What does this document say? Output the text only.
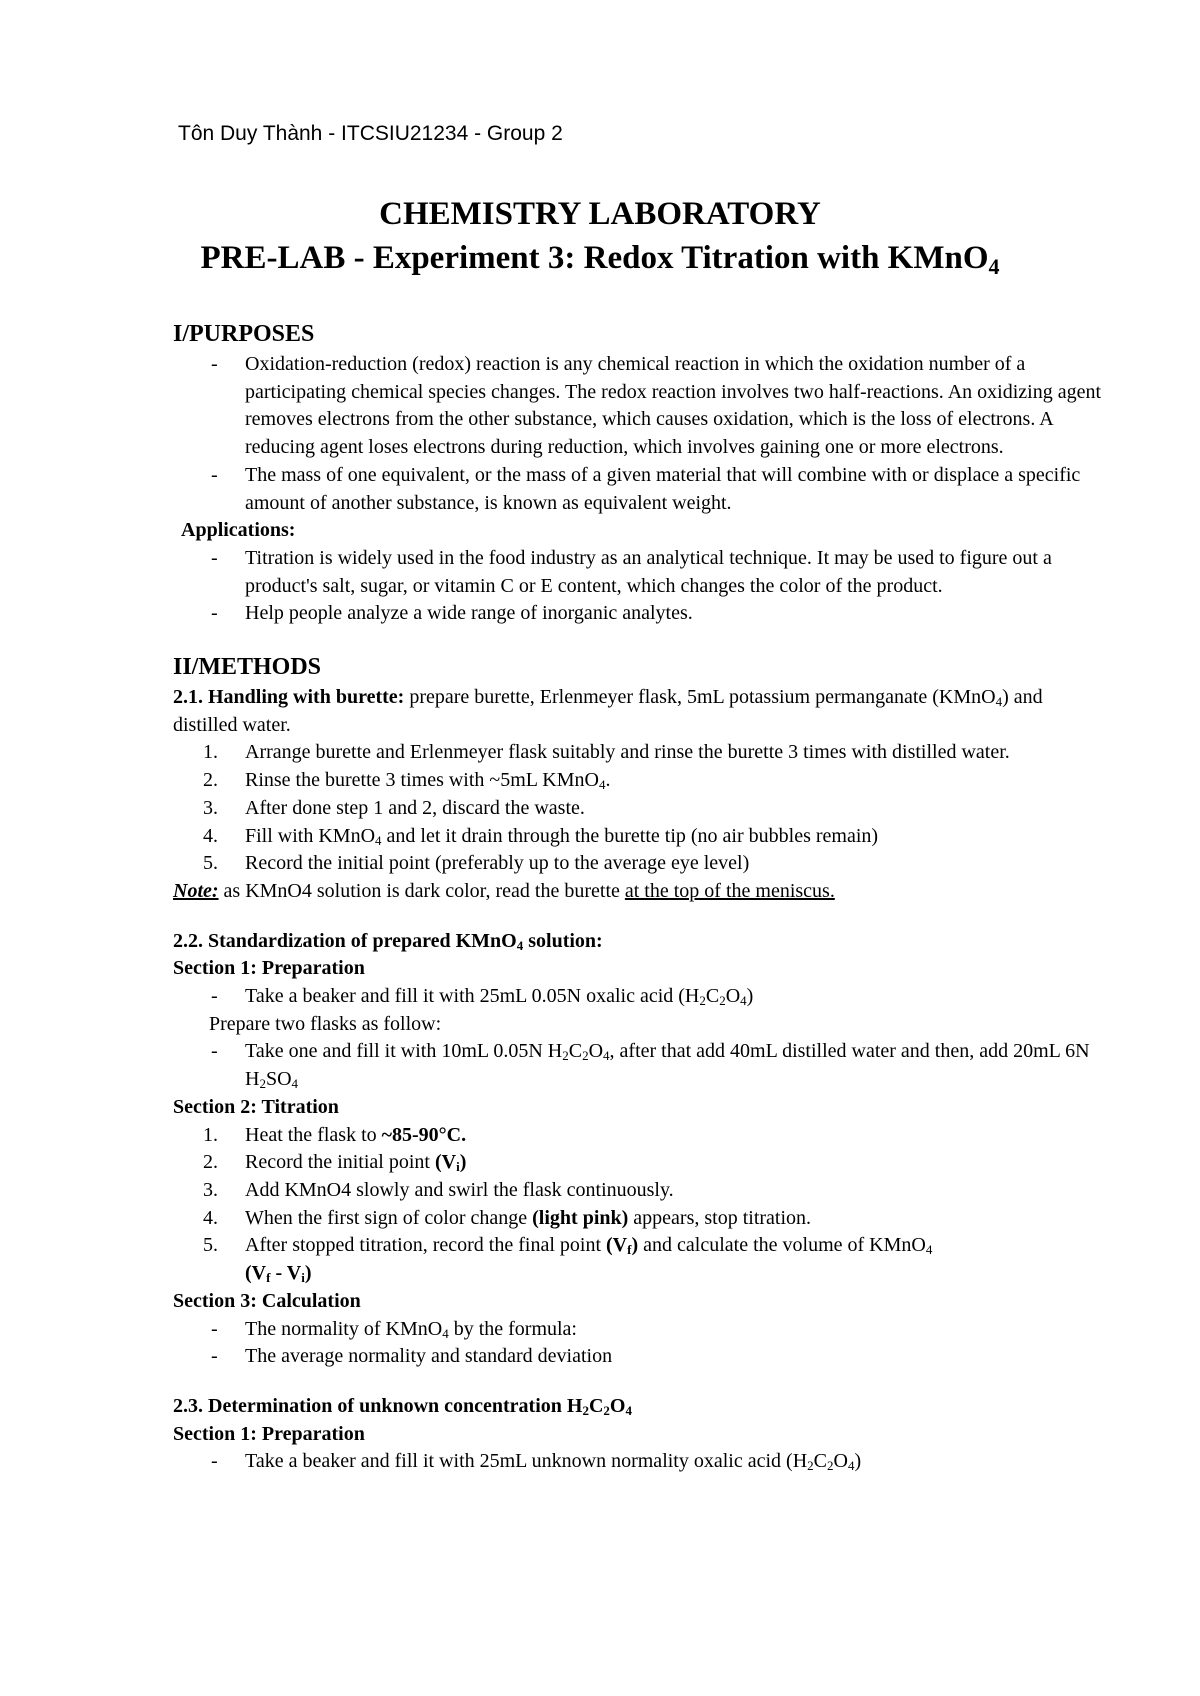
Tôn Duy Thành - ITCSIU21234 - Group 2
CHEMISTRY LABORATORY
PRE-LAB - Experiment 3: Redox Titration with KMnO$_4$
I/PURPOSES
- Oxidation-reduction (redox) reaction is any chemical reaction in which the oxidation number of a participating chemical species changes. The redox reaction involves two half-reactions. An oxidizing agent removes electrons from the other substance, which causes oxidation, which is the loss of electrons. A reducing agent loses electrons during reduction, which involves gaining one or more electrons.
- The mass of one equivalent, or the mass of a given material that will combine with or displace a specific amount of another substance, is known as equivalent weight.
Applications:
- Titration is widely used in the food industry as an analytical technique. It may be used to figure out a product's salt, sugar, or vitamin C or E content, which changes the color of the product.
- Help people analyze a wide range of inorganic analytes.
II/METHODS
2.1. Handling with burette: prepare burette, Erlenmeyer flask, 5mL potassium permanganate (KMnO$_4$) and distilled water.
1. Arrange burette and Erlenmeyer flask suitably and rinse the burette 3 times with distilled water.
2. Rinse the burette 3 times with ~5mL KMnO$_4$.
3. After done step 1 and 2, discard the waste.
4. Fill with KMnO$_4$ and let it drain through the burette tip (no air bubbles remain)
5. Record the initial point (preferably up to the average eye level)
Note: as KMnO4 solution is dark color, read the burette at the top of the meniscus.
2.2. Standardization of prepared KMnO$_4$ solution:
Section 1: Preparation
- Take a beaker and fill it with 25mL 0.05N oxalic acid $(H_2C_2O_4)$
Prepare two flasks as follow:
- Take one and fill it with 10mL 0.05N $H_2C_2O_4$, after that add 40mL distilled water and then, add 20mL 6N $H_2SO_4$
Section 2: Titration
1. Heat the flask to ~85-90°C.
2. Record the initial point $(V_i)$
3. Add KMnO4 slowly and swirl the flask continuously.
4. When the first sign of color change (light pink) appears, stop titration.
5. After stopped titration, record the final point $(V_f)$ and calculate the volume of KMnO$_4$
$(V_f - V_i)$
Section 3: Calculation
- The normality of KMnO$_4$ by the formula:
- The average normality and standard deviation
2.3. Determination of unknown concentration $H_2C_2O_4$
Section 1: Preparation
- Take a beaker and fill it with 25mL unknown normality oxalic acid $(H_2C_2O_4)$
